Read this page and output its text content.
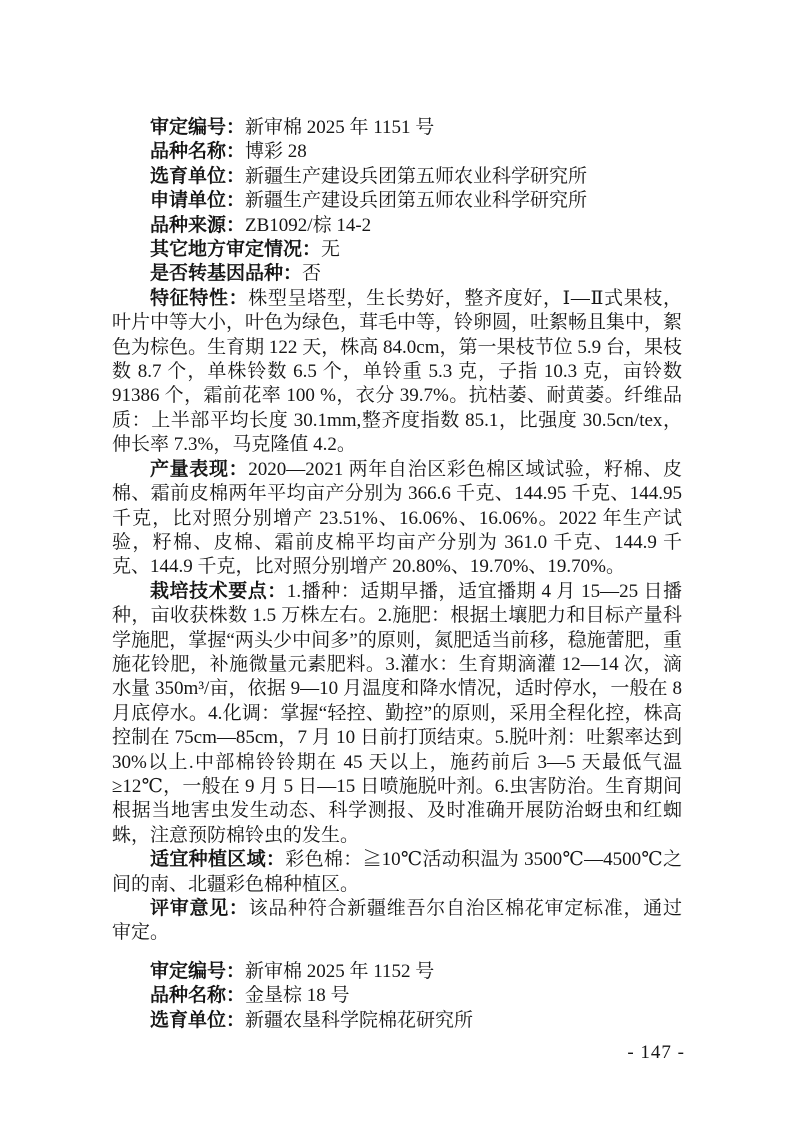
审定编号：新审棉 2025 年 1151 号

品种名称：博彩 28

选育单位：新疆生产建设兵团第五师农业科学研究所

申请单位：新疆生产建设兵团第五师农业科学研究所

品种来源：ZB1092/棕 14-2

其它地方审定情况：无

是否转基因品种：否

特征特性：株型呈塔型，生长势好，整齐度好，Ⅰ—Ⅱ式果枝，叶片中等大小，叶色为绿色，茸毛中等，铃卵圆，吐絮畅且集中，絮色为棕色。生育期 122 天，株高 84.0cm，第一果枝节位 5.9 台，果枝数 8.7 个，单株铃数 6.5 个，单铃重 5.3 克，子指 10.3 克，亩铃数 91386 个，霜前花率 100 %，衣分 39.7%。抗枯萎、耐黄萎。纤维品质：上半部平均长度 30.1mm,整齐度指数 85.1，比强度 30.5cn/tex，伸长率 7.3%，马克隆值 4.2。

产量表现：2020—2021 两年自治区彩色棉区域试验，籽棉、皮棉、霜前皮棉两年平均亩产分别为 366.6 千克、144.95 千克、144.95 千克，比对照分别增产 23.51%、16.06%、16.06%。2022 年生产试验，籽棉、皮棉、霜前皮棉平均亩产分别为 361.0 千克、144.9 千克、144.9 千克，比对照分别增产 20.80%、19.70%、19.70%。

栽培技术要点：1.播种：适期早播，适宜播期 4 月 15—25 日播种，亩收获株数 1.5 万株左右。2.施肥：根据土壤肥力和目标产量科学施肥，掌握“两头少中间多”的原则，氮肥适当前移，稳施蕾肥，重施花铃肥，补施微量元素肥料。3.灌水：生育期滴灌 12—14 次，滴水量 350m³/亩，依据 9—10 月温度和降水情况，适时停水，一般在 8 月底停水。4.化调：掌握“轻控、勤控”的原则，采用全程化控，株高控制在 75cm—85cm，7 月 10 日前打顶结束。5.脱叶剂：吐絮率达到 30%以上.中部棉铃铃期在 45 天以上，施药前后 3—5 天最低气温≥12℃，一般在 9 月 5 日—15 日喷施脱叶剂。6.虫害防治。生育期间根据当地害虫发生动态、科学测报、及时准确开展防治蚜虫和红蜘蛛，注意预防棉铃虫的发生。

适宜种植区域：彩色棉：≧10℃活动积温为 3500℃—4500℃之间的南、北疆彩色棉种植区。

评审意见：该品种符合新疆维吾尔自治区棉花审定标准，通过审定。

审定编号：新审棉 2025 年 1152 号

品种名称：金垦棕 18 号

选育单位：新疆农垦科学院棉花研究所

- 147 -
